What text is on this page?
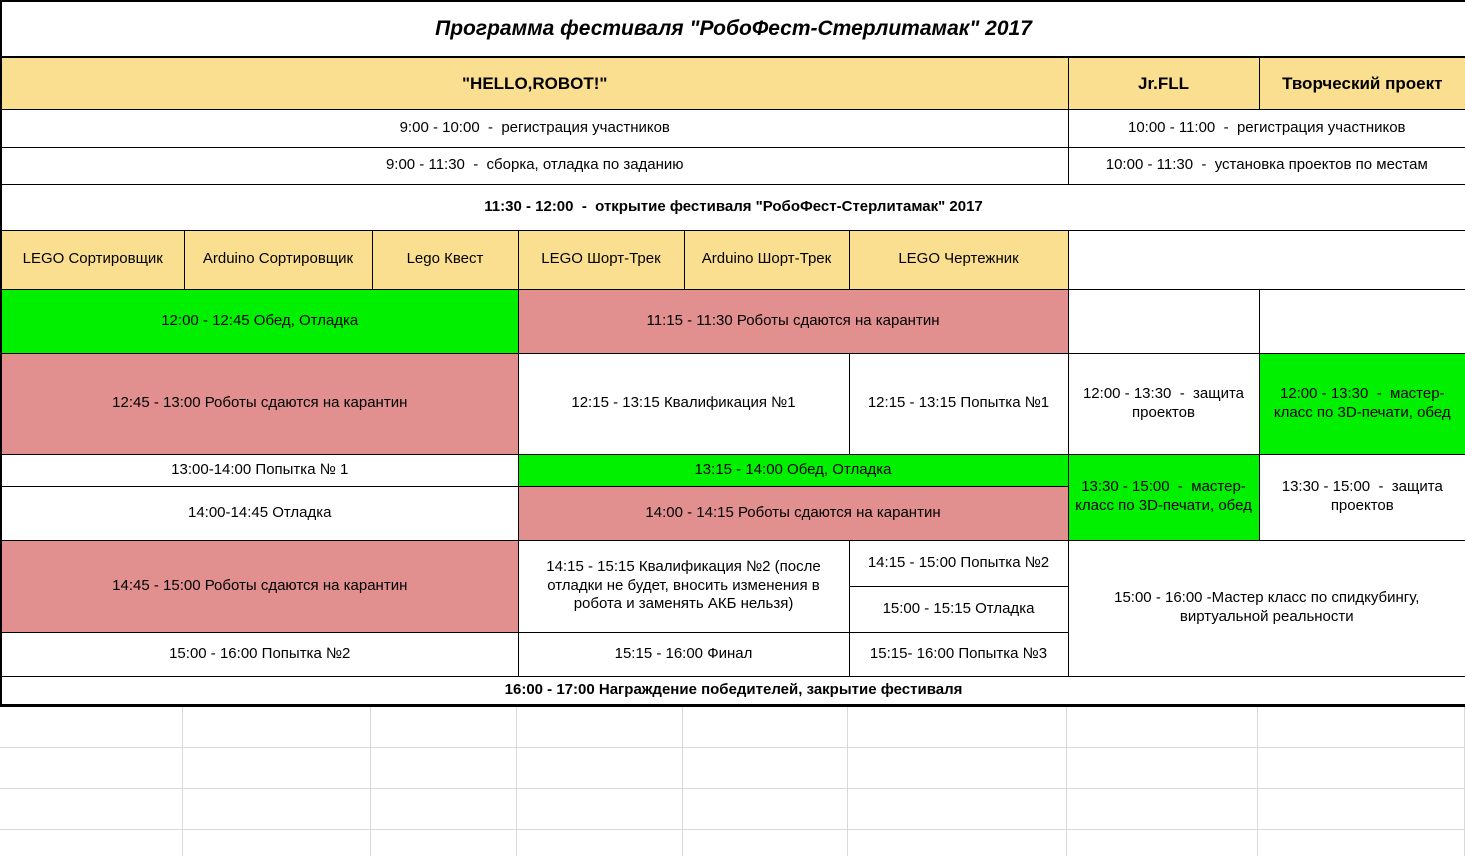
Программа фестиваля "РобоФест-Стерлитамак" 2017							
"HELLO,ROBOT!"						Jr.FLL	Творческий проект
9:00 - 10:00  -  регистрация участников						10:00 - 11:00  -  регистрация участников	
9:00 - 11:30  -  сборка, отладка по заданию						10:00 - 11:30  -  установка проектов по местам	
11:30 - 12:00  -  открытие фестиваля "РобоФест-Стерлитамак" 2017							
LEGO Сортировщик	Arduino Сортировщик	Lego Квест	LEGO Шорт-Трек	Arduino Шорт-Трек	LEGO Чертежник		
12:00 - 12:45 Обед, Отладка			11:15 - 11:30 Роботы сдаются на карантин				
12:45 - 13:00 Роботы сдаются на карантин			12:15 - 13:15 Квалификация №1		12:15 - 13:15 Попытка №1	12:00 - 13:30  -  защита проектов	12:00 - 13:30  -  мастер-класс по 3D-печати, обед
13:00-14:00 Попытка № 1			13:15 - 14:00 Обед, Отладка			13:30 - 15:00  -  мастер-класс по 3D-печати, обед	13:30 - 15:00  -  защита проектов
14:00-14:45 Отладка			14:00 - 14:15 Роботы сдаются на карантин				
14:45 - 15:00 Роботы сдаются на карантин			14:15 - 15:15 Квалификация №2 (после отладки не будет, вносить изменения в робота и заменять АКБ нельзя)		14:15 - 15:00 Попытка №2	15:00 - 16:00 -Мастер класс по спидкубингу, виртуальной реальности	
					15:00 - 15:15 Отладка		
15:00 - 16:00 Попытка №2			15:15 - 16:00 Финал		15:15- 16:00 Попытка №3		
16:00 - 17:00 Награждение победителей, закрытие фестиваля							
